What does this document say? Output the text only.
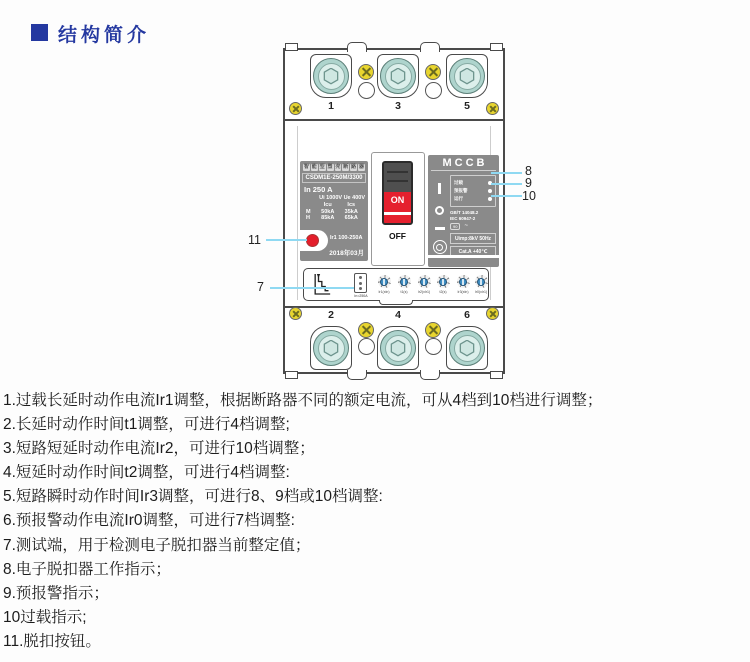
结构简介
1	3	5
智 能 型 塑 壳 断 路 器
CSDM1E-250M/3300
In 250 A
Ui 1000V Ue 400V
Icu	Ics
M	50kA	35kA
H	85kA	65kA
Ir1 100-250A
2018年03月
ON
OFF
MCCB
过载
预报警
运行
GB/T 14048.2
IEC 60947-2
90	~
Uimp:8kV 50Hz
Cat.A +40℃
In=250A
Ir1(xIn)	t1(s)	Ir2(xIr1)	t2(s)	Ir3(xIn)	Ir0(xIr1)
2	4	6
11
7
8
9
10
1.过载长延时动作电流Ir1调整，根据断路器不同的额定电流，可从4档到10档进行调整；
2.长延时动作时间t1调整，可进行4档调整;
3.短路短延时动作电流Ir2，可进行10档调整；
4.短延时动作时间t2调整，可进行4档调整:
5.短路瞬时动作时间Ir3调整，可进行8、9档或10档调整:
6.预报警动作电流Ir0调整，可进行7档调整:
7.测试端，用于检测电子脱扣器当前整定值；
8.电子脱扣器工作指示；
9.预报警指示；
10过载指示;
11.脱扣按钮。
